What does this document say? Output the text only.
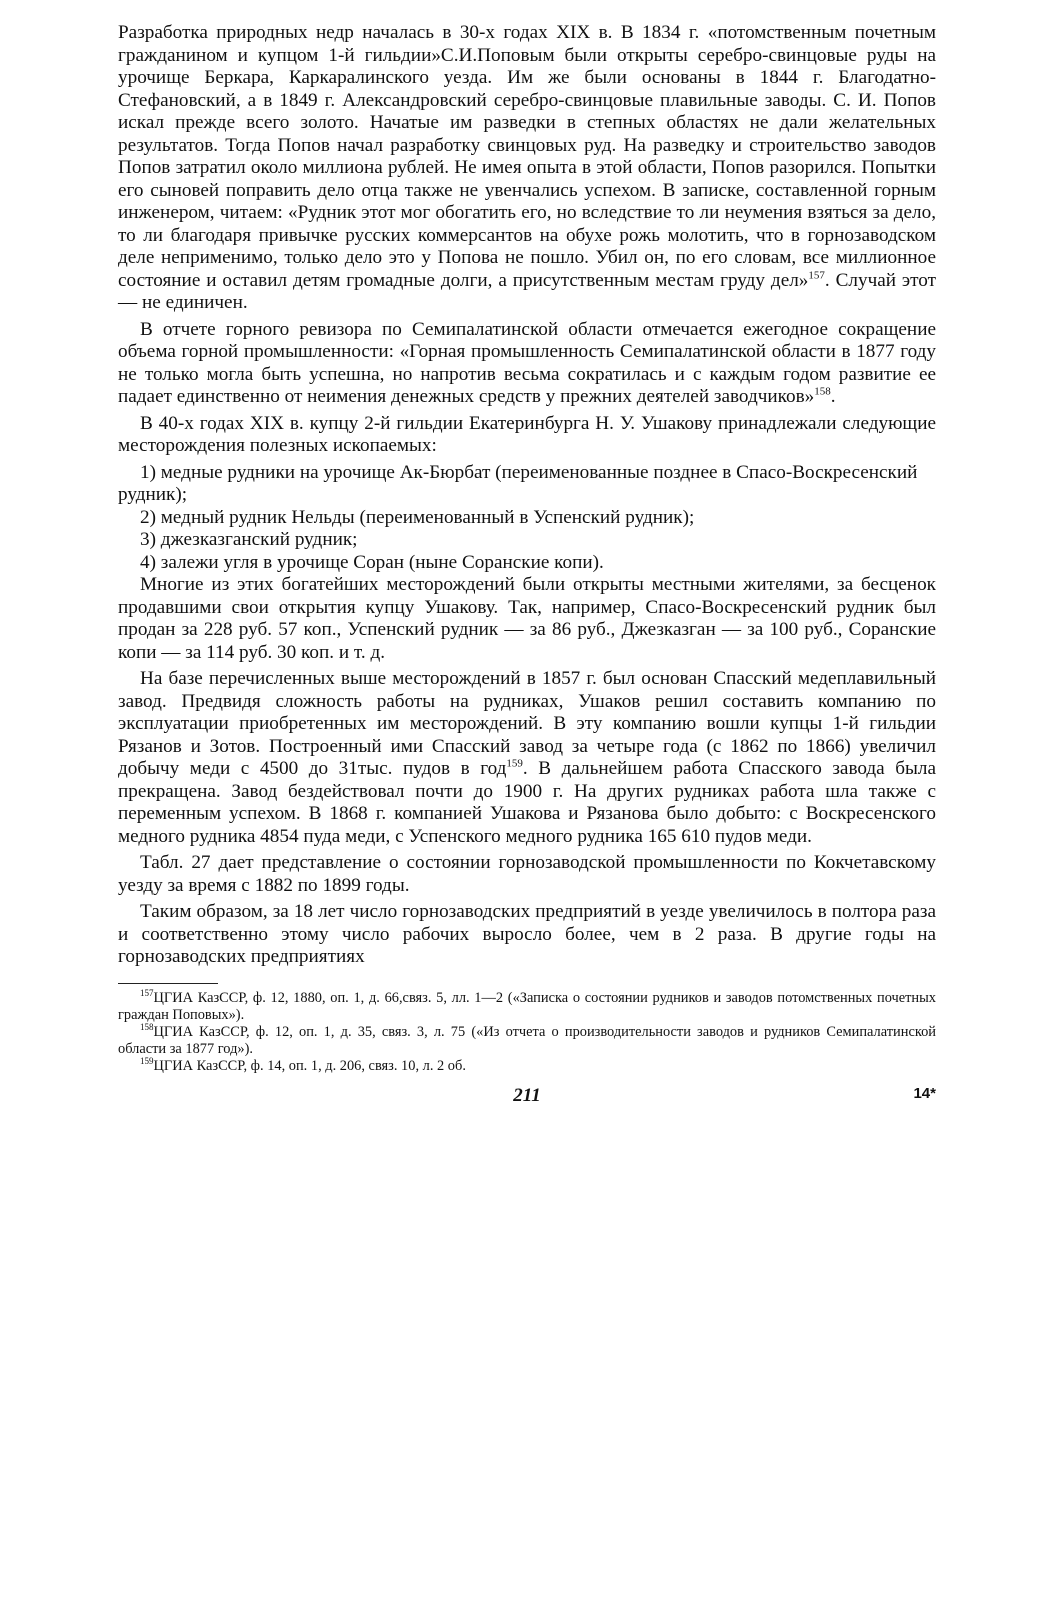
Разработка природных недр началась в 30-х годах XIX в. В 1834 г. «потомственным почетным гражданином и купцом 1-й гильдии»С.И.Поповым были открыты серебро-свинцовые руды на урочище Беркара, Каркаралинского уезда. Им же были основаны в 1844 г. Благодатно-Стефановский, а в 1849 г. Александровский серебро-свинцовые плавильные заводы. С. И. Попов искал прежде всего золото. Начатые им разведки в степных областях не дали желательных результатов. Тогда Попов начал разработку свинцовых руд. На разведку и строительство заводов Попов затратил около миллиона рублей. Не имея опыта в этой области, Попов разорился. Попытки его сыновей поправить дело отца также не увенчались успехом. В записке, составленной горным инженером, читаем: «Рудник этот мог обогатить его, но вследствие то ли неумения взяться за дело, то ли благодаря привычке русских коммерсантов на обухе рожь молотить, что в горнозаводском деле неприменимо, только дело это у Попова не пошло. Убил он, по его словам, все миллионное состояние и оставил детям громадные долги, а присутственным местам груду дел»$^{157}$. Случай этот — не единичен.

В отчете горного ревизора по Семипалатинской области отмечается ежегодное сокращение объема горной промышленности: «Горная промышленность Семипалатинской области в 1877 году не только могла быть успешна, но напротив весьма сократилась и с каждым годом развитие ее падает единственно от неимения денежных средств у прежних деятелей заводчиков»$^{158}$.

В 40-х годах XIX в. купцу 2-й гильдии Екатеринбурга Н. У. Ушакову принадлежали следующие месторождения полезных ископаемых:

1) медные рудники на урочище Ак-Бюрбат (переименованные позднее в Спасо-Воскресенский рудник);

2) медный рудник Нельды (переименованный в Успенский рудник);

3) джезказганский рудник;

4) залежи угля в урочище Соран (ныне Соранские копи).

Многие из этих богатейших месторождений были открыты местными жителями, за бесценок продавшими свои открытия купцу Ушакову. Так, например, Спасо-Воскресенский рудник был продан за 228 руб. 57 коп., Успенский рудник — за 86 руб., Джезказган — за 100 руб., Соранские копи — за 114 руб. 30 коп. и т. д.

На базе перечисленных выше месторождений в 1857 г. был основан Спасский медеплавильный завод. Предвидя сложность работы на рудниках, Ушаков решил составить компанию по эксплуатации приобретенных им месторождений. В эту компанию вошли купцы 1-й гильдии Рязанов и Зотов. Построенный ими Спасский завод за четыре года (с 1862 по 1866) увеличил добычу меди с 4500 до 31тыс. пудов в год$^{159}$. В дальнейшем работа Спасского завода была прекращена. Завод бездействовал почти до 1900 г. На других рудниках работа шла также с переменным успехом. В 1868 г. компанией Ушакова и Рязанова было добыто: с Воскресенского медного рудника 4854 пуда меди, с Успенского медного рудника 165 610 пудов меди.

Табл. 27 дает представление о состоянии горнозаводской промышленности по Кокчетавскому уезду за время с 1882 по 1899 годы.

Таким образом, за 18 лет число горнозаводских предприятий в уезде увеличилось в полтора раза и соответственно этому число рабочих выросло более, чем в 2 раза. В другие годы на горнозаводских предприятиях

$^{157}$ЦГИА КазССР, ф. 12, 1880, оп. 1, д. 66,связ. 5, лл. 1—2 («Записка о состоянии рудников и заводов потомственных почетных граждан Поповых»).

$^{158}$ЦГИА КазССР, ф. 12, оп. 1, д. 35, связ. 3, л. 75 («Из отчета о производительности заводов и рудников Семипалатинской области за 1877 год»).

$^{159}$ЦГИА КазССР, ф. 14, оп. 1, д. 206, связ. 10, л. 2 об.

211	14*
